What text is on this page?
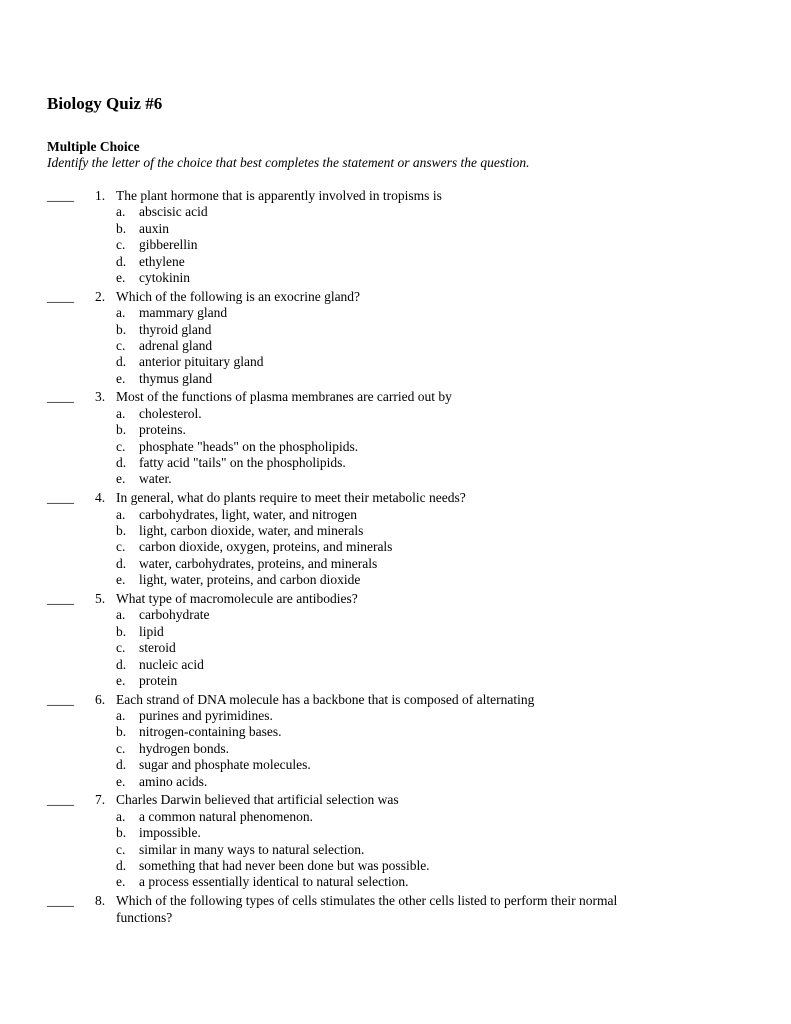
Biology Quiz #6
Multiple Choice
Identify the letter of the choice that best completes the statement or answers the question.
____ 1. The plant hormone that is apparently involved in tropisms is
a. abscisic acid
b. auxin
c. gibberellin
d. ethylene
e. cytokinin
____ 2. Which of the following is an exocrine gland?
a. mammary gland
b. thyroid gland
c. adrenal gland
d. anterior pituitary gland
e. thymus gland
____ 3. Most of the functions of plasma membranes are carried out by
a. cholesterol.
b. proteins.
c. phosphate "heads" on the phospholipids.
d. fatty acid "tails" on the phospholipids.
e. water.
____ 4. In general, what do plants require to meet their metabolic needs?
a. carbohydrates, light, water, and nitrogen
b. light, carbon dioxide, water, and minerals
c. carbon dioxide, oxygen, proteins, and minerals
d. water, carbohydrates, proteins, and minerals
e. light, water, proteins, and carbon dioxide
____ 5. What type of macromolecule are antibodies?
a. carbohydrate
b. lipid
c. steroid
d. nucleic acid
e. protein
____ 6. Each strand of DNA molecule has a backbone that is composed of alternating
a. purines and pyrimidines.
b. nitrogen-containing bases.
c. hydrogen bonds.
d. sugar and phosphate molecules.
e. amino acids.
____ 7. Charles Darwin believed that artificial selection was
a. a common natural phenomenon.
b. impossible.
c. similar in many ways to natural selection.
d. something that had never been done but was possible.
e. a process essentially identical to natural selection.
____ 8. Which of the following types of cells stimulates the other cells listed to perform their normal
functions?
